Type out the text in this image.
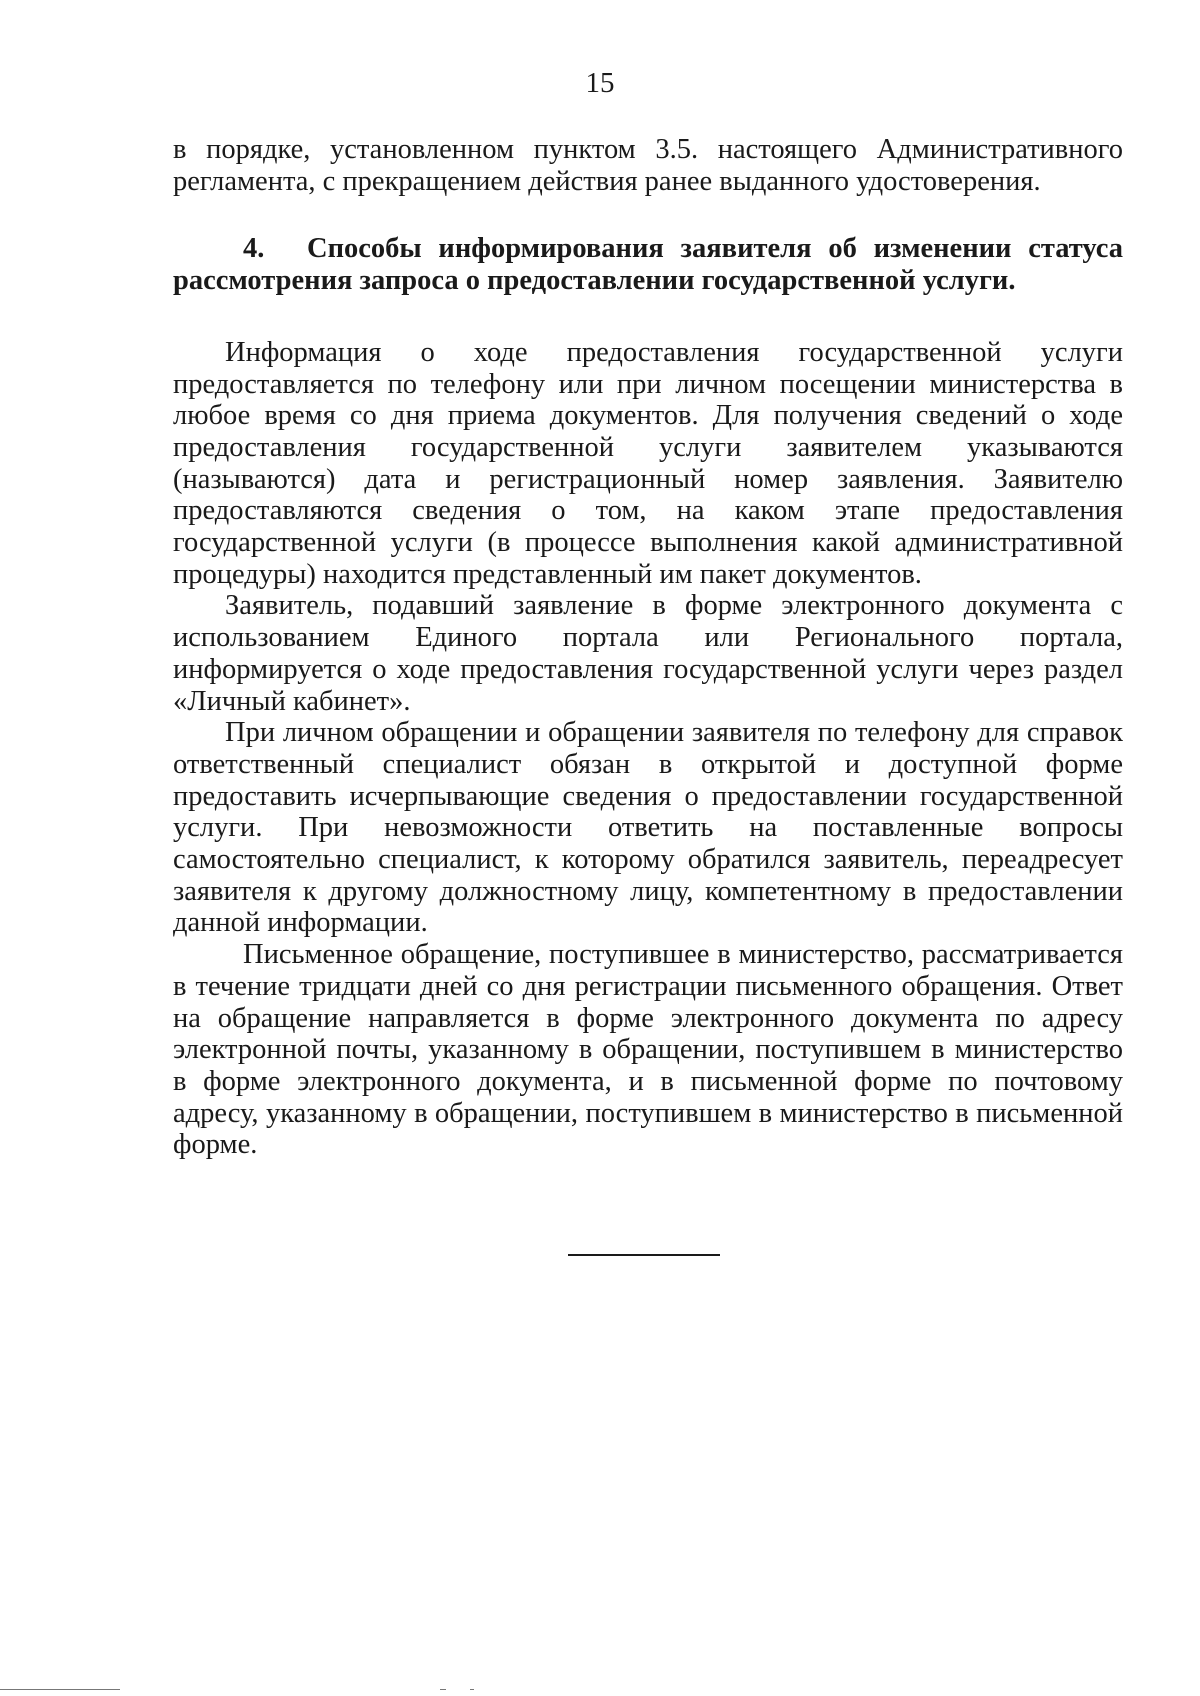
15

в порядке, установленном пунктом 3.5. настоящего Административного регламента, с прекращением действия ранее выданного удостоверения.

4. Способы информирования заявителя об изменении статуса рассмотрения запроса о предоставлении государственной услуги.

Информация о ходе предоставления государственной услуги предоставляется по телефону или при личном посещении министерства в любое время со дня приема документов. Для получения сведений о ходе предоставления государственной услуги заявителем указываются (называются) дата и регистрационный номер заявления. Заявителю предоставляются сведения о том, на каком этапе предоставления государственной услуги (в процессе выполнения какой административной процедуры) находится представленный им пакет документов.

Заявитель, подавший заявление в форме электронного документа с использованием Единого портала или Регионального портала, информируется о ходе предоставления государственной услуги через раздел «Личный кабинет».

При личном обращении и обращении заявителя по телефону для справок ответственный специалист обязан в открытой и доступной форме предоставить исчерпывающие сведения о предоставлении государственной услуги. При невозможности ответить на поставленные вопросы самостоятельно специалист, к которому обратился заявитель, переадресует заявителя к другому должностному лицу, компетентному в предоставлении данной информации.

Письменное обращение, поступившее в министерство, рассматривается в течение тридцати дней со дня регистрации письменного обращения. Ответ на обращение направляется в форме электронного документа по адресу электронной почты, указанному в обращении, поступившем в министерство в форме электронного документа, и в письменной форме по почтовому адресу, указанному в обращении, поступившем в министерство в письменной форме.
